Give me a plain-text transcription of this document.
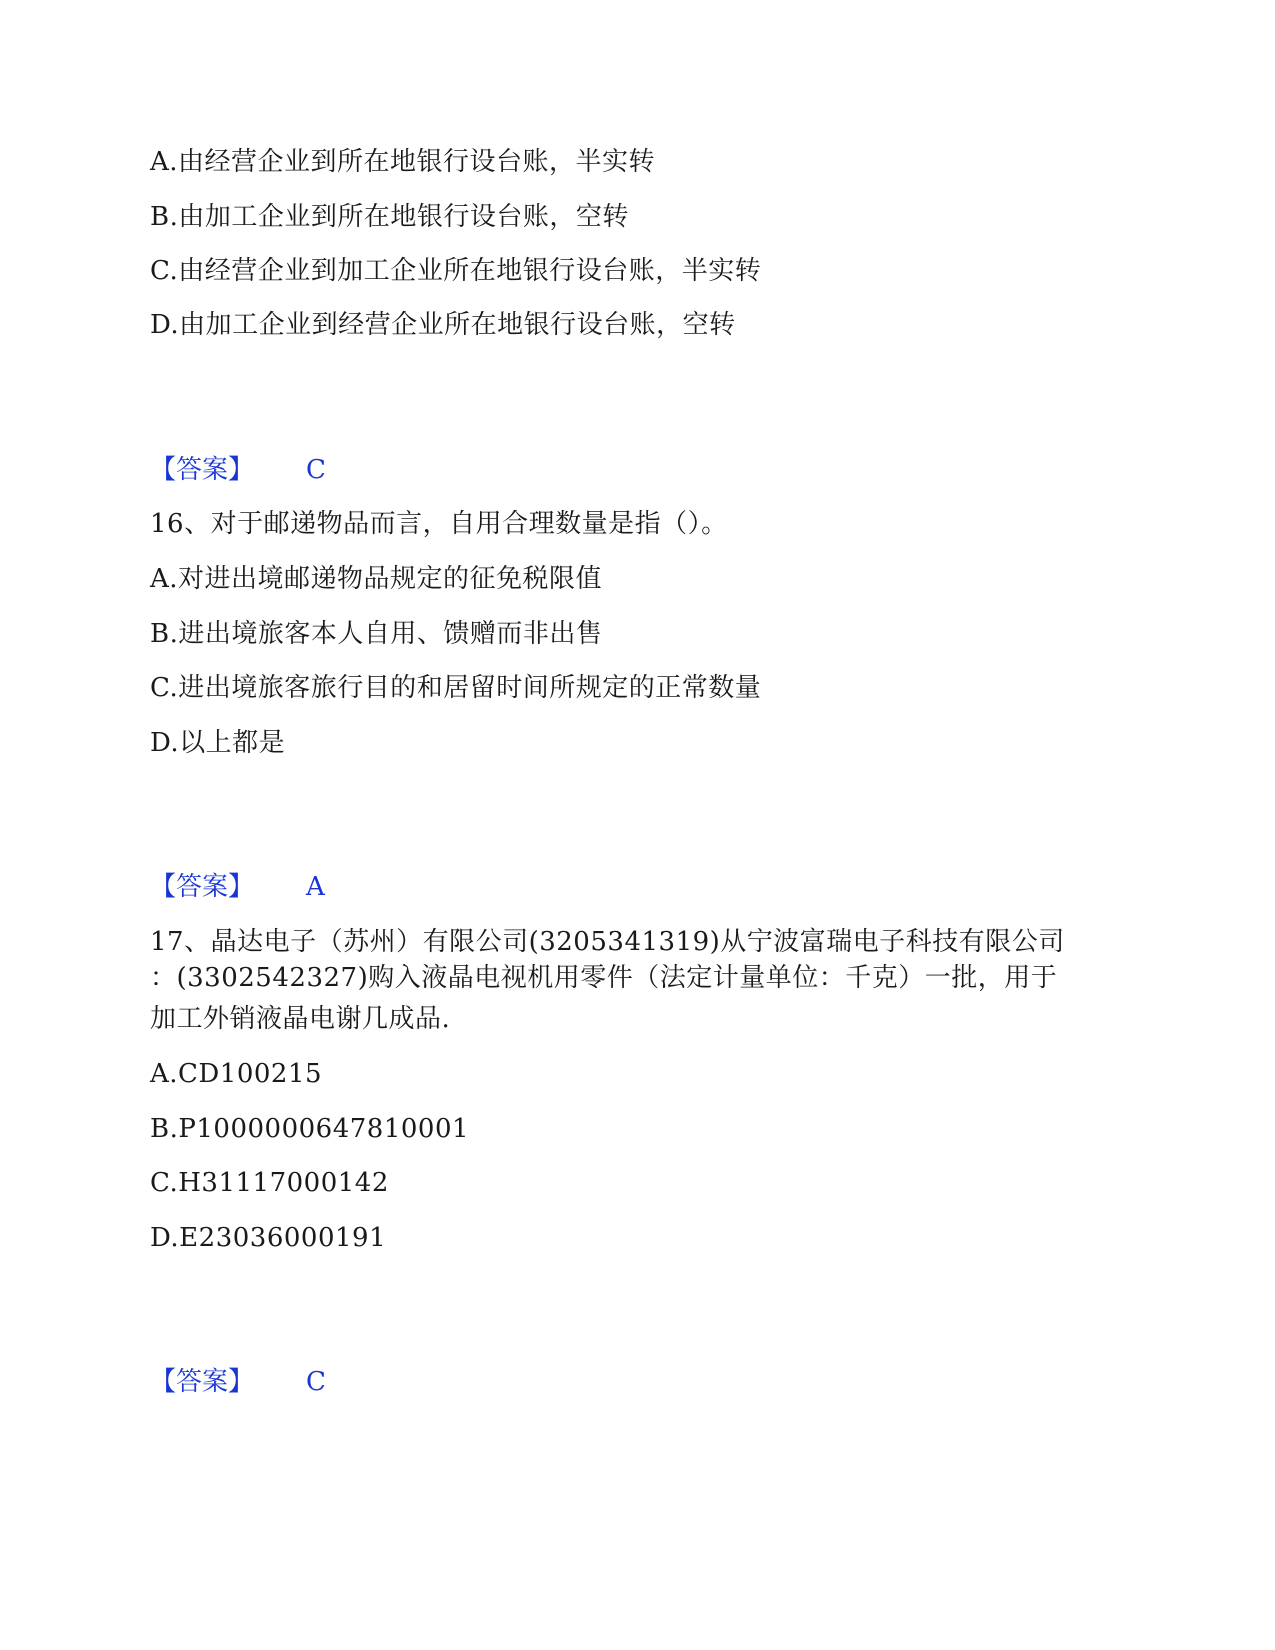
A.由经营企业到所在地银行设台账，半实转
B.由加工企业到所在地银行设台账，空转
C.由经营企业到加工企业所在地银行设台账，半实转
D.由加工企业到经营企业所在地银行设台账，空转
【答案】 C
16、对于邮递物品而言，自用合理数量是指（）。
A.对进出境邮递物品规定的征免税限值
B.进出境旅客本人自用、馈赠而非出售
C.进出境旅客旅行目的和居留时间所规定的正常数量
D.以上都是
【答案】 A
17、晶达电子（苏州）有限公司(3205341319)从宁波富瑞电子科技有限公司
：(3302542327)购入液晶电视机用零件（法定计量单位：千克）一批，用于
加工外销液晶电谢几成品.
A.CD100215
B.P1000000647810001
C.H31117000142
D.E23036000191
【答案】 C
